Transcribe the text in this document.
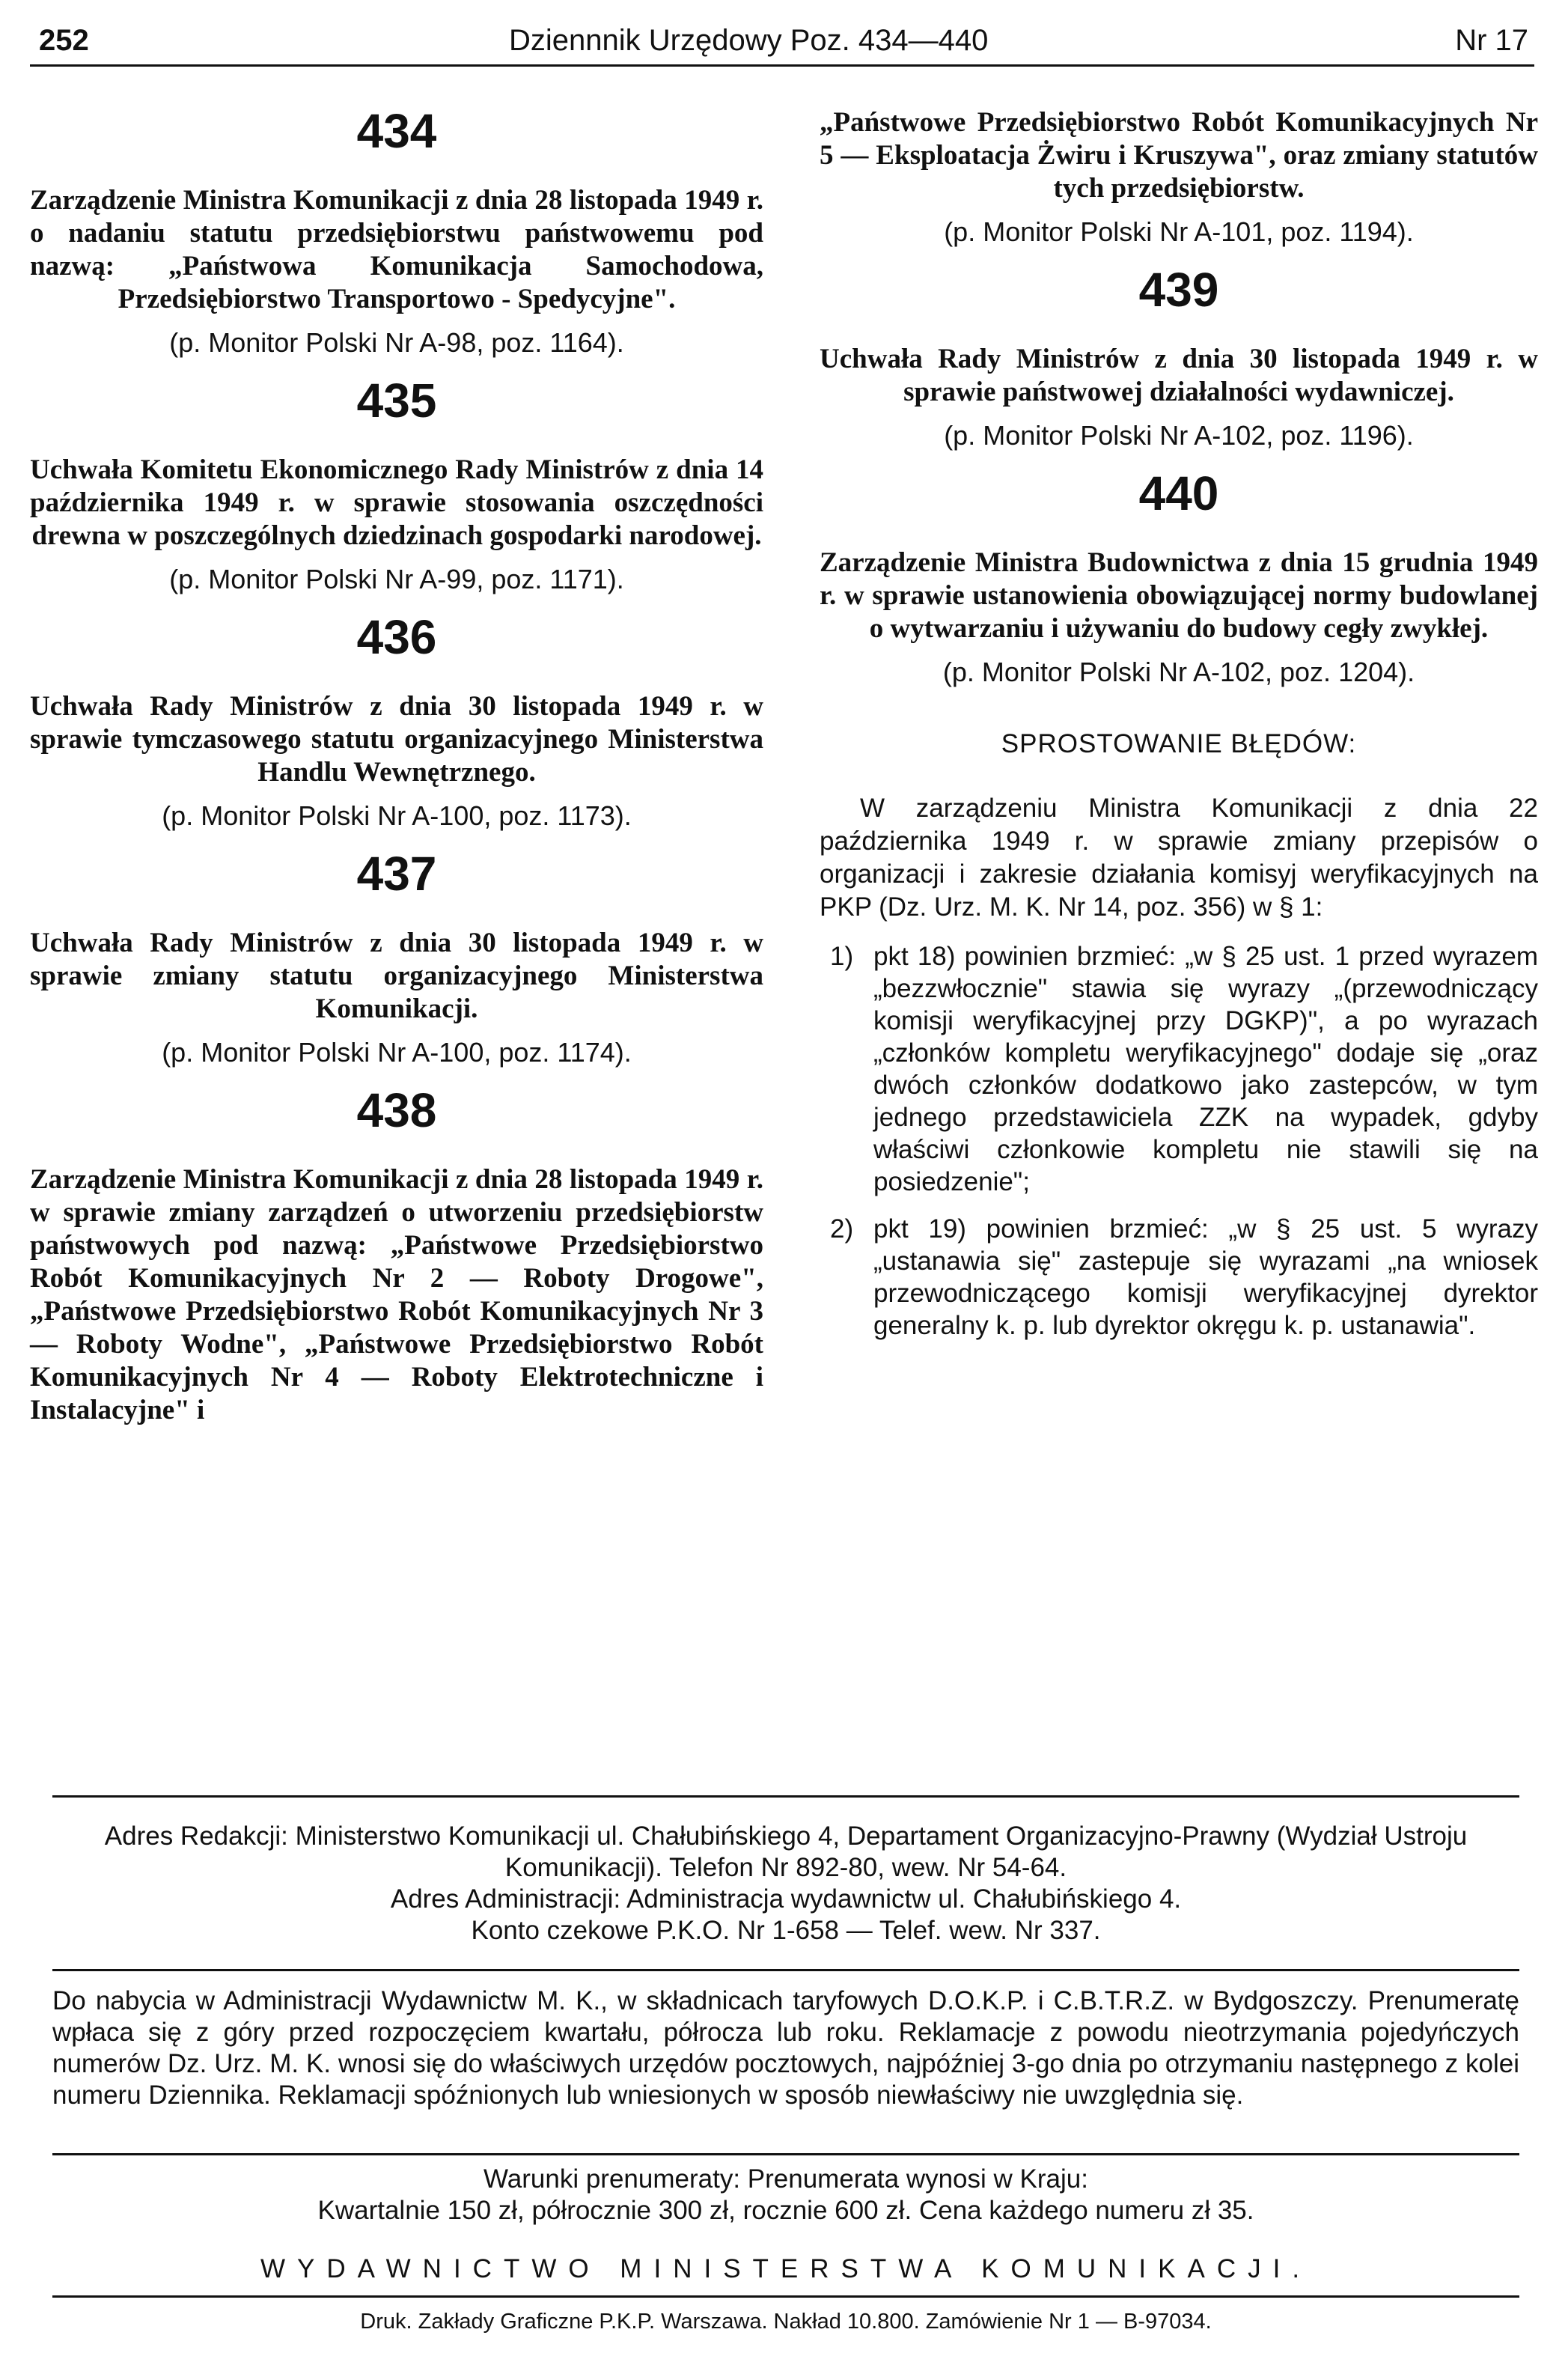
252	Dziennnik Urzędowy Poz. 434—440	Nr 17
434

Zarządzenie Ministra Komunikacji z dnia 28 listopada 1949 r. o nadaniu statutu przedsiębiorstwu państwowemu pod nazwą: „Państwowa Komunikacja Samochodowa, Przedsiębiorstwo Transportowo - Spedycyjne".

(p. Monitor Polski Nr A-98, poz. 1164).

435

Uchwała Komitetu Ekonomicznego Rady Ministrów z dnia 14 października 1949 r. w sprawie stosowania oszczędności drewna w poszczególnych dziedzinach gospodarki narodowej.

(p. Monitor Polski Nr A-99, poz. 1171).

436

Uchwała Rady Ministrów z dnia 30 listopada 1949 r. w sprawie tymczasowego statutu organizacyjnego Ministerstwa Handlu Wewnętrznego.

(p. Monitor Polski Nr A-100, poz. 1173).

437

Uchwała Rady Ministrów z dnia 30 listopada 1949 r. w sprawie zmiany statutu organizacyjnego Ministerstwa Komunikacji.

(p. Monitor Polski Nr A-100, poz. 1174).

438

Zarządzenie Ministra Komunikacji z dnia 28 listopada 1949 r. w sprawie zmiany zarządzeń o utworzeniu przedsiębiorstw państwowych pod nazwą: „Państwowe Przedsiębiorstwo Robót Komunikacyjnych Nr 2 — Roboty Drogowe", „Państwowe Przedsiębiorstwo Robót Komunikacyjnych Nr 3 — Roboty Wodne", „Państwowe Przedsiębiorstwo Robót Komunikacyjnych Nr 4 — Roboty Elektrotechniczne i Instalacyjne" i

„Państwowe Przedsiębiorstwo Robót Komunikacyjnych Nr 5 — Eksploatacja Żwiru i Kruszywa", oraz zmiany statutów tych przedsiębiorstw.

(p. Monitor Polski Nr A-101, poz. 1194).

439

Uchwała Rady Ministrów z dnia 30 listopada 1949 r. w sprawie państwowej działalności wydawniczej.

(p. Monitor Polski Nr A-102, poz. 1196).

440

Zarządzenie Ministra Budownictwa z dnia 15 grudnia 1949 r. w sprawie ustanowienia obowiązującej normy budowlanej o wytwarzaniu i używaniu do budowy cegły zwykłej.

(p. Monitor Polski Nr A-102, poz. 1204).

SPROSTOWANIE BŁĘDÓW:

W zarządzeniu Ministra Komunikacji z dnia 22 października 1949 r. w sprawie zmiany przepisów o organizacji i zakresie działania komisyj weryfikacyjnych na PKP (Dz. Urz. M. K. Nr 14, poz. 356) w § 1:

1) pkt 18) powinien brzmieć: „w § 25 ust. 1 przed wyrazem „bezzwłocznie" stawia się wyrazy „(przewodniczący komisji weryfikacyjnej przy DGKP)", a po wyrazach „członków kompletu weryfikacyjnego" dodaje się „oraz dwóch członków dodatkowo jako zastepców, w tym jednego przedstawiciela ZZK na wypadek, gdyby właściwi członkowie kompletu nie stawili się na posiedzenie";
2) pkt 19) powinien brzmieć: „w § 25 ust. 5 wyrazy „ustanawia się" zastepuje się wyrazami „na wniosek przewodniczącego komisji weryfikacyjnej dyrektor generalny k. p. lub dyrektor okręgu k. p. ustanawia".

Adres Redakcji: Ministerstwo Komunikacji ul. Chałubińskiego 4, Departament Organizacyjno-Prawny (Wydział Ustroju Komunikacji). Telefon Nr 892-80, wew. Nr 54-64.

Adres Administracji: Administracja wydawnictw ul. Chałubińskiego 4.

Konto czekowe P.K.O. Nr 1-658 — Telef. wew. Nr 337.

Do nabycia w Administracji Wydawnictw M. K., w składnicach taryfowych D.O.K.P. i C.B.T.R.Z. w Bydgoszczy. Prenumeratę wpłaca się z góry przed rozpoczęciem kwartału, półrocza lub roku. Reklamacje z powodu nieotrzymania pojedyńczych numerów Dz. Urz. M. K. wnosi się do właściwych urzędów pocztowych, najpóźniej 3-go dnia po otrzymaniu następnego z kolei numeru Dziennika. Reklamacji spóźnionych lub wniesionych w sposób niewłaściwy nie uwzględnia się.

Warunki prenumeraty: Prenumerata wynosi w Kraju:

Kwartalnie 150 zł, półrocznie 300 zł, rocznie 600 zł. Cena każdego numeru zł 35.

WYDAWNICTWO MINISTERSTWA KOMUNIKACJI.

Druk. Zakłady Graficzne P.K.P. Warszawa. Nakład 10.800. Zamówienie Nr 1 — B-97034.
